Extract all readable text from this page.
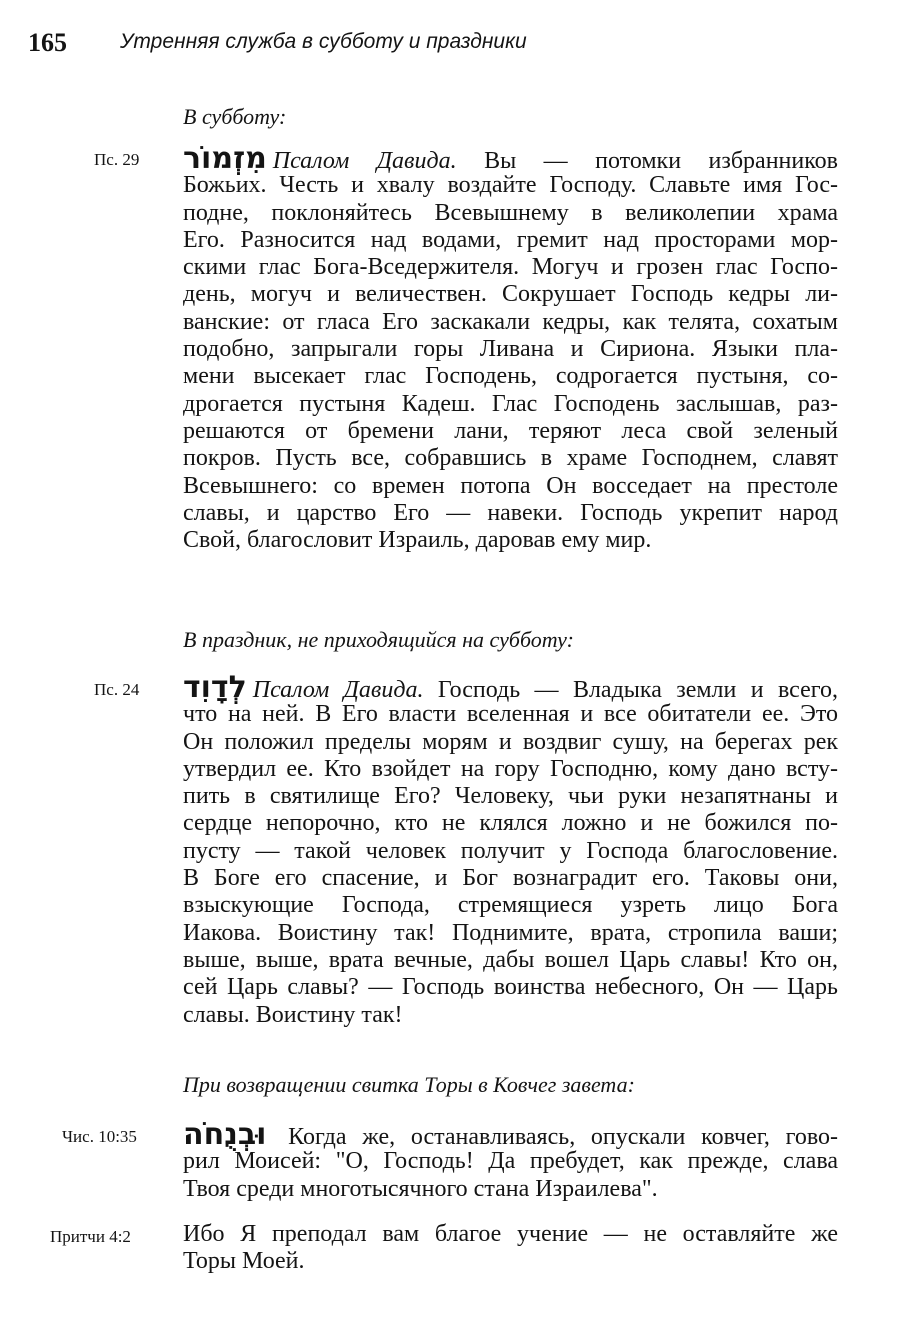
165	Утренняя служба в субботу и праздники
В субботу:
Пс. 29 מִזְמוֹר Псалом Давида. Вы — потомки избранников
Божьих. Честь и хвалу воздайте Господу. Славьте имя Гос-
подне, поклоняйтесь Всевышнему в великолепии храма
Его. Разносится над водами, гремит над просторами мор-
скими глас Бога-Вседержителя. Могуч и грозен глас Госпо-
день, могуч и величествен. Сокрушает Господь кедры ли-
ванские: от гласа Его заскакали кедры, как телята, сохатым
подобно, запрыгали горы Ливана и Сириона. Языки пла-
мени высекает глас Господень, содрогается пустыня, со-
дрогается пустыня Кадеш. Глас Господень заслышав, раз-
решаются от бремени лани, теряют леса свой зеленый
покров. Пусть все, собравшись в храме Господнем, славят
Всевышнего: со времен потопа Он восседает на престоле
славы, и царство Его — навеки. Господь укрепит народ
Свой, благословит Израиль, даровав ему мир.
В праздник, не приходящийся на субботу:
Пс. 24 לְדָוִד Псалом Давида. Господь — Владыка земли и всего,
что на ней. В Его власти вселенная и все обитатели ее. Это
Он положил пределы морям и воздвиг сушу, на берегах рек
утвердил ее. Кто взойдет на гору Господню, кому дано всту-
пить в святилище Его? Человеку, чьи руки незапятнаны и
сердце непорочно, кто не клялся ложно и не божился по-
пусту — такой человек получит у Господа благословение.
В Боге его спасение, и Бог вознаградит его. Таковы они,
взыскующие Господа, стремящиеся узреть лицо Бога
Иакова. Воистину так! Поднимите, врата, стропила ваши;
выше, выше, врата вечные, дабы вошел Царь славы! Кто он,
сей Царь славы? — Господь воинства небесного, Он — Царь
славы. Воистину так!
При возвращении свитка Торы в Ковчег завета:
Чис. 10:35 וּבְנֻחֹה Когда же, останавливаясь, опускали ковчег, гово-
рил Моисей: "О, Господь! Да пребудет, как прежде, слава
Твоя среди многотысячного стана Израилева".
Притчи 4:2 Ибо Я преподал вам благое учение — не оставляйте же
Торы Моей.
